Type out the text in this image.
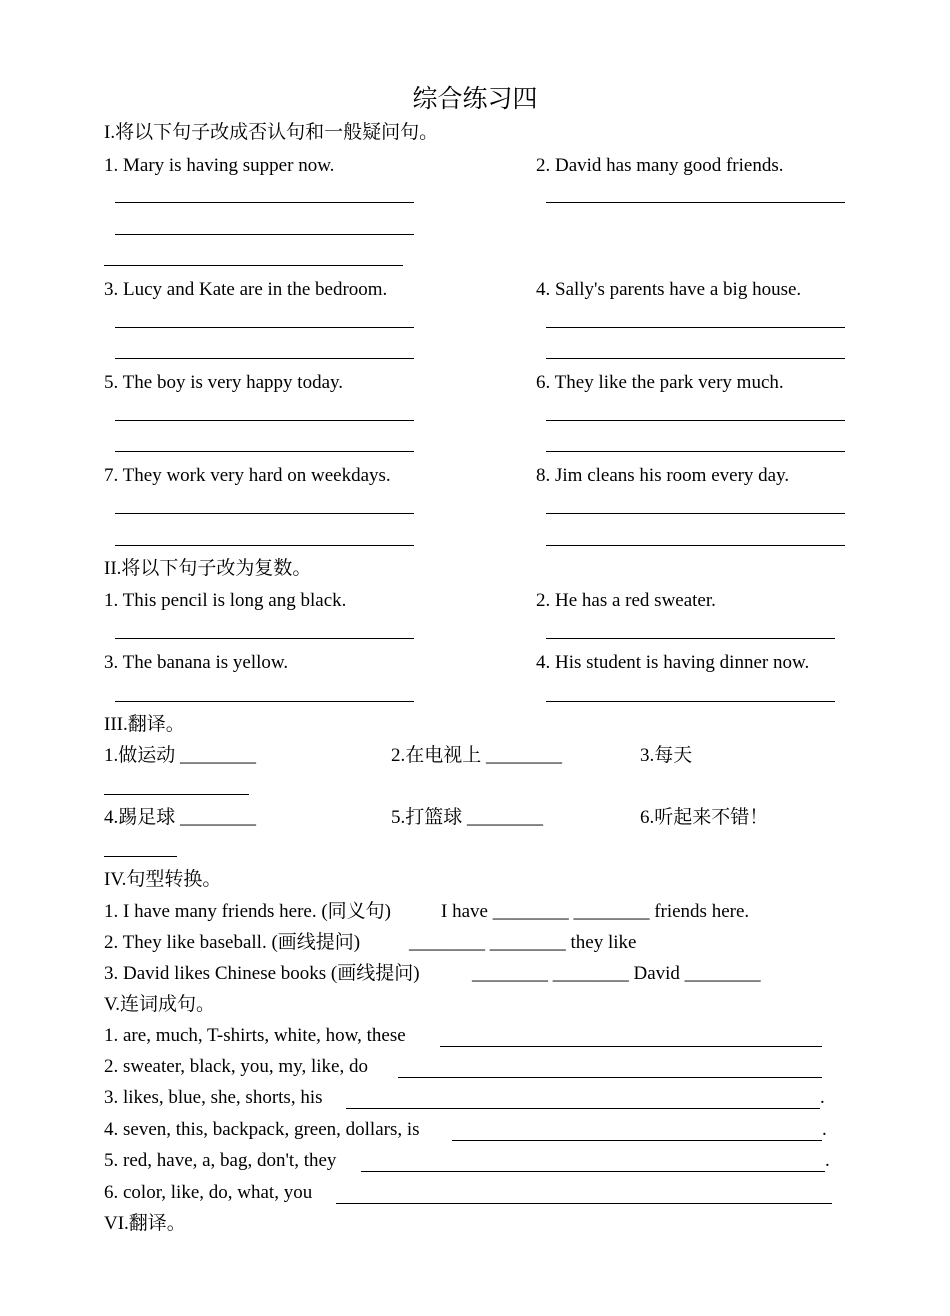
综合练习四
I.将以下句子改成否认句和一般疑问句。
1. Mary is having supper now.	2. David has many good friends.
3. Lucy and Kate are in the bedroom.	4. Sally's parents have a big house.
5. The boy is very happy today.	6. They like the park very much.
7. They work very hard on weekdays.	8. Jim cleans his room every day.
II.将以下句子改为复数。
1. This pencil is long ang black.	2. He has a red sweater.
3. The banana is yellow.	4. His student is having dinner now.
III.翻译。
1.做运动 ________	2.在电视上 ________	3.每天
4.踢足球 ________	5.打篮球 ________	6.听起来不错！
IV.句型转换。
1. I have many friends here. (同义句)	I have ________ ________ friends here.
2. They like baseball. (画线提问)	________ ________ they like
3. David likes Chinese books (画线提问)	________ ________ David ________
V.连词成句。
1. are, much, T-shirts, white, how, these
2. sweater, black, you, my, like, do
3. likes, blue, she, shorts, his	.
4. seven, this, backpack, green, dollars, is	.
5. red, have, a, bag, don't, they	.
6. color, like, do, what, you
VI.翻译。
